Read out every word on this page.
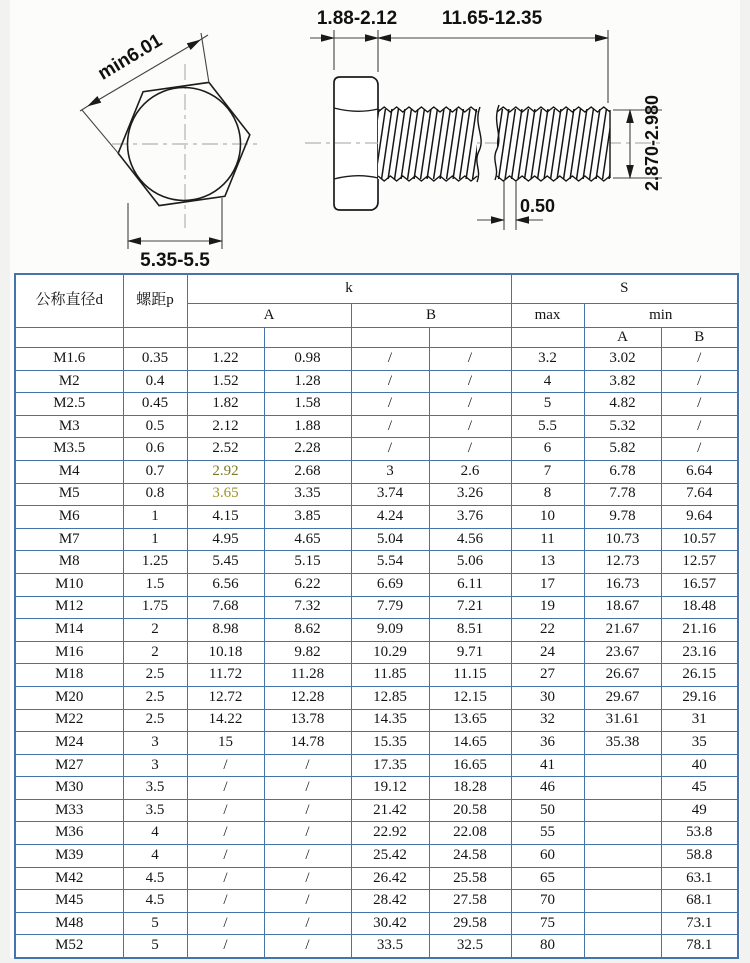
min6.01
5.35-5.5
1.88-2.12 11.65-12.35
2.870-2.980
0.50
公称直径d	螺距p	k				S		
		A		B		max	min	
							A	B
M1.6	0.35	1.22	0.98	/	/	3.2	3.02	/
M2	0.4	1.52	1.28	/	/	4	3.82	/
M2.5	0.45	1.82	1.58	/	/	5	4.82	/
M3	0.5	2.12	1.88	/	/	5.5	5.32	/
M3.5	0.6	2.52	2.28	/	/	6	5.82	/
M4	0.7	2.92	2.68	3	2.6	7	6.78	6.64
M5	0.8	3.65	3.35	3.74	3.26	8	7.78	7.64
M6	1	4.15	3.85	4.24	3.76	10	9.78	9.64
M7	1	4.95	4.65	5.04	4.56	11	10.73	10.57
M8	1.25	5.45	5.15	5.54	5.06	13	12.73	12.57
M10	1.5	6.56	6.22	6.69	6.11	17	16.73	16.57
M12	1.75	7.68	7.32	7.79	7.21	19	18.67	18.48
M14	2	8.98	8.62	9.09	8.51	22	21.67	21.16
M16	2	10.18	9.82	10.29	9.71	24	23.67	23.16
M18	2.5	11.72	11.28	11.85	11.15	27	26.67	26.15
M20	2.5	12.72	12.28	12.85	12.15	30	29.67	29.16
M22	2.5	14.22	13.78	14.35	13.65	32	31.61	31
M24	3	15	14.78	15.35	14.65	36	35.38	35
M27	3	/	/	17.35	16.65	41		40
M30	3.5	/	/	19.12	18.28	46		45
M33	3.5	/	/	21.42	20.58	50		49
M36	4	/	/	22.92	22.08	55		53.8
M39	4	/	/	25.42	24.58	60		58.8
M42	4.5	/	/	26.42	25.58	65		63.1
M45	4.5	/	/	28.42	27.58	70		68.1
M48	5	/	/	30.42	29.58	75		73.1
M52	5	/	/	33.5	32.5	80		78.1
